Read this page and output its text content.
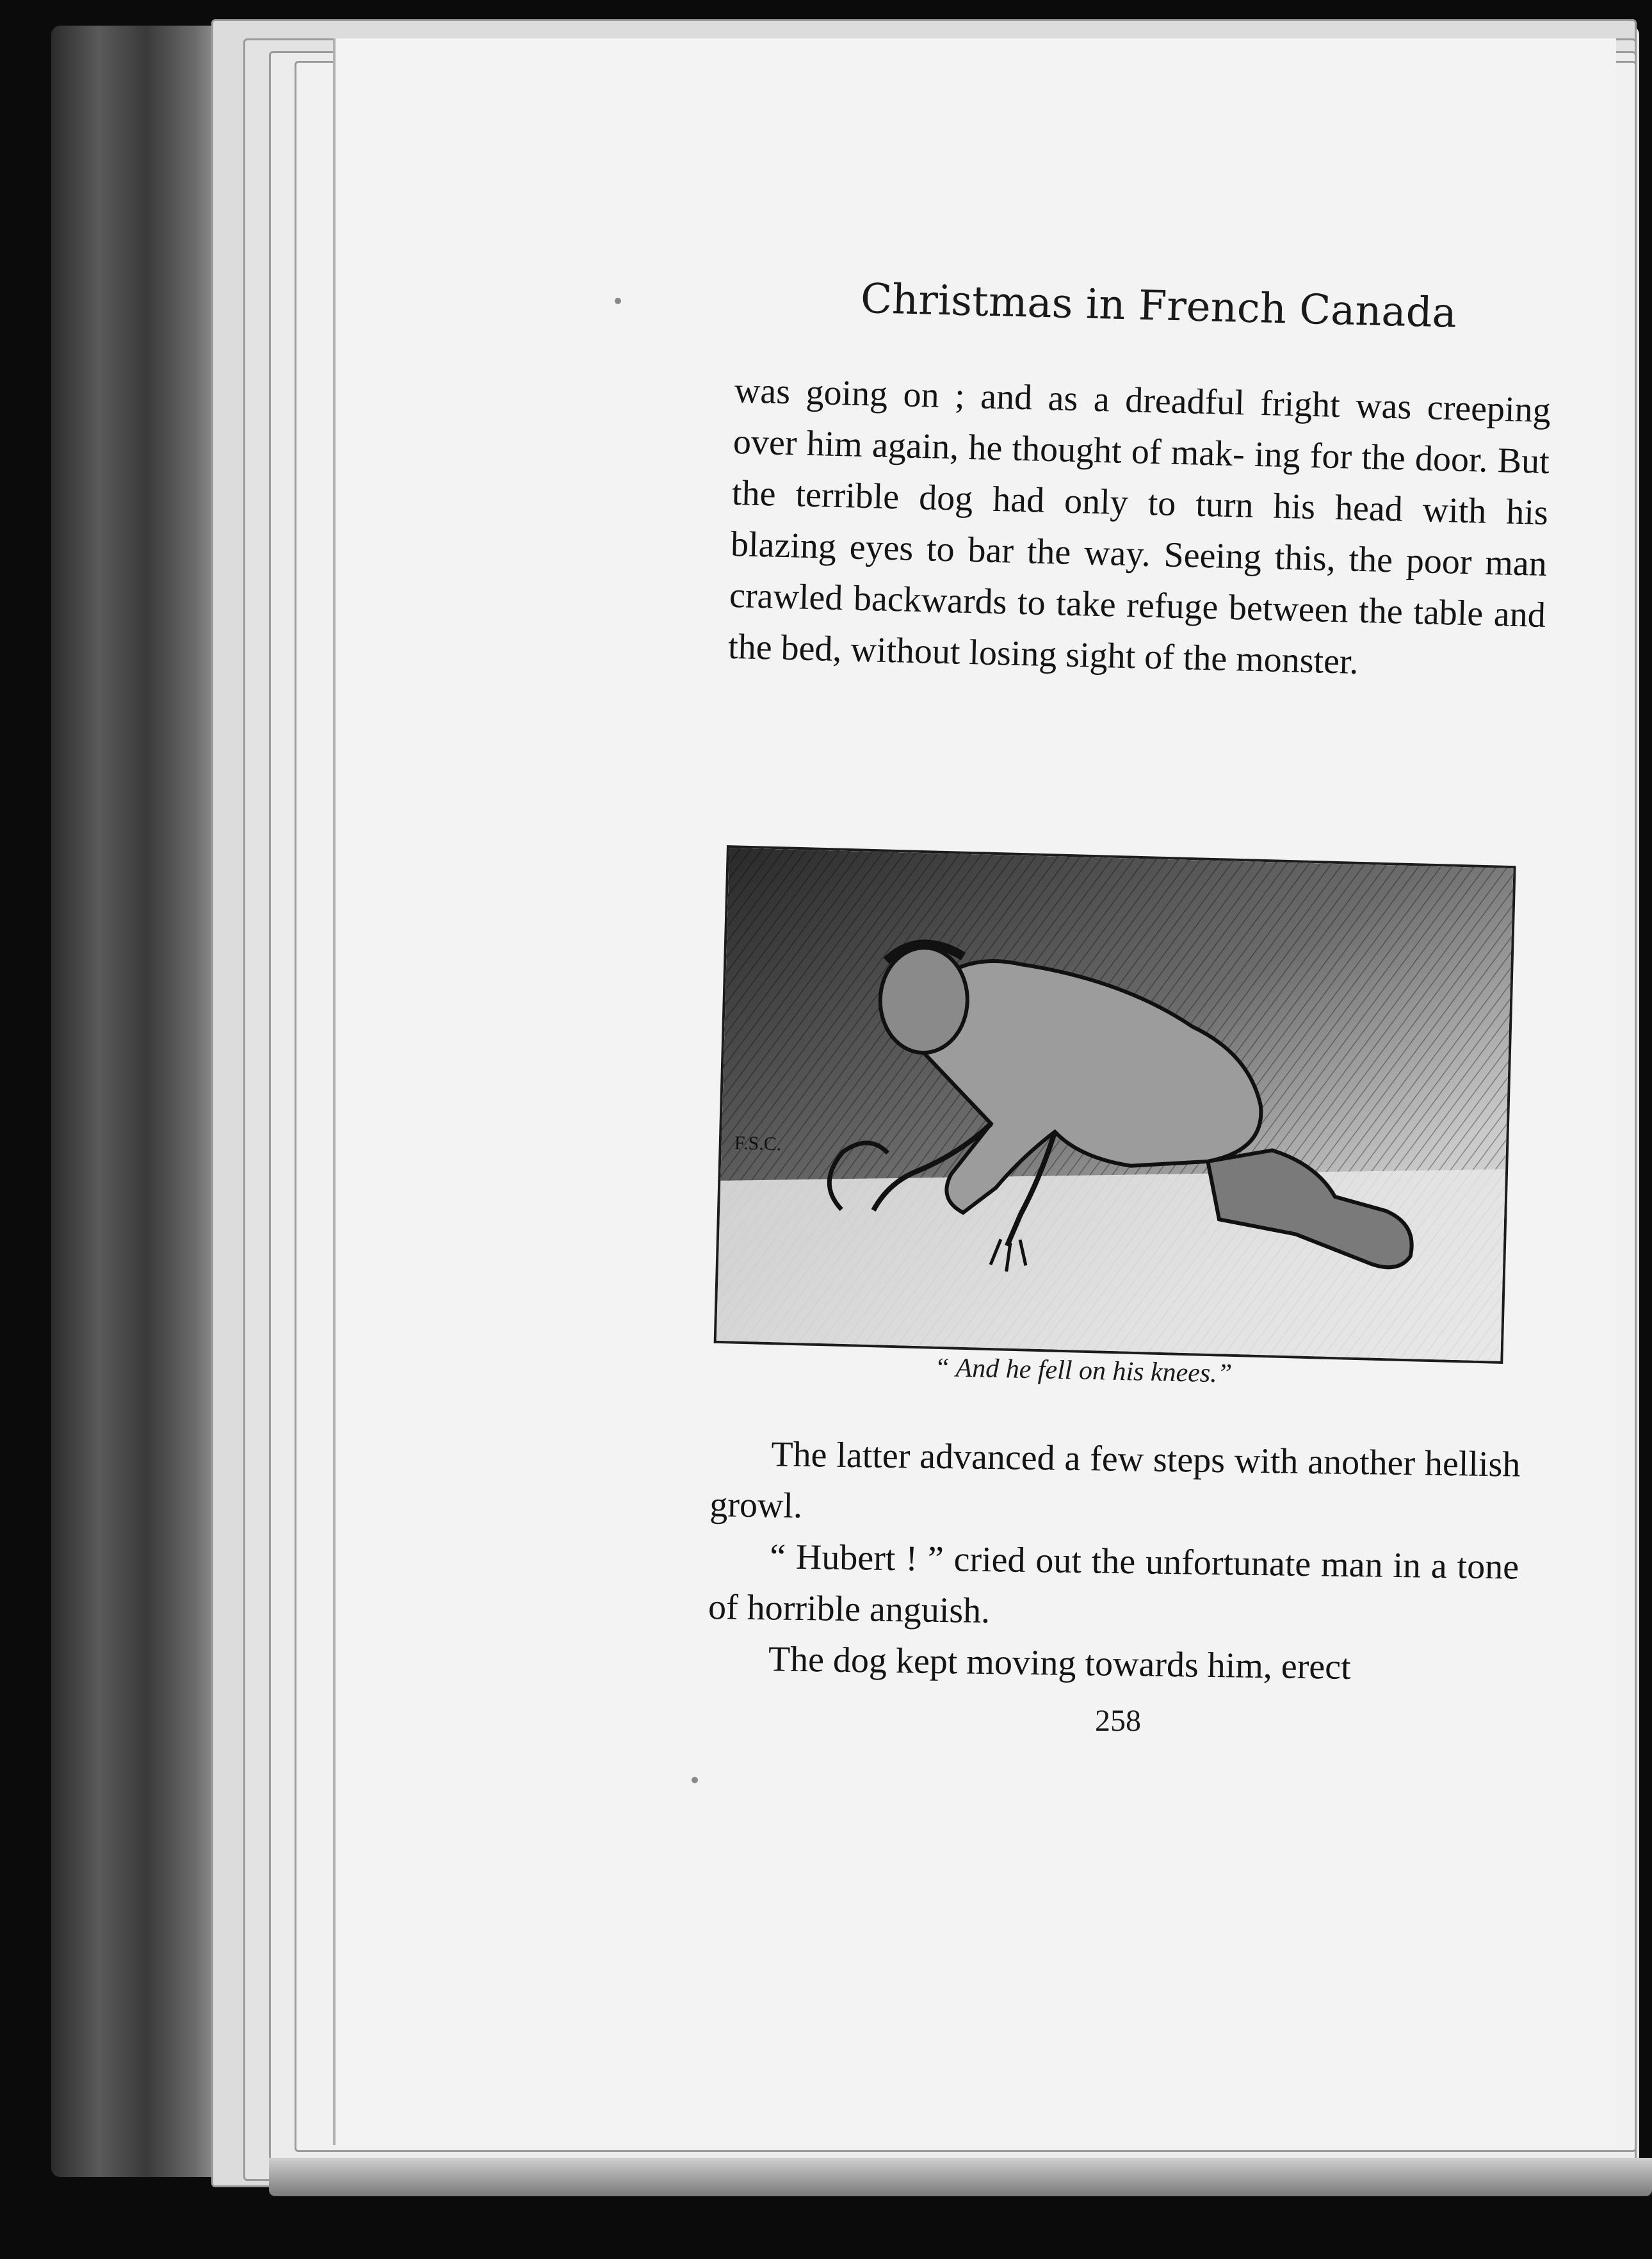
Christmas in French Canada

was going on ; and as a dreadful fright was creeping over him again, he thought of mak- ing for the door. But the terrible dog had only to turn his head with his blazing eyes to bar the way. Seeing this, the poor man crawled backwards to take refuge between the table and the bed, without losing sight of the monster.

F.S.C.
“ And he fell on his knees.”

The latter advanced a few steps with another hellish growl.

“ Hubert ! ” cried out the unfortunate man in a tone of horrible anguish.

The dog kept moving towards him, erect

258
